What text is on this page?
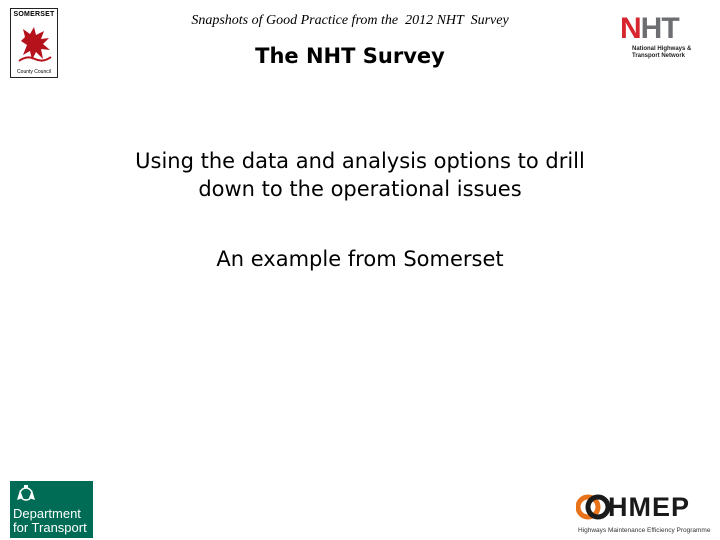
SOMERSET
County Council
Snapshots of Good Practice from the  2012 NHT  Survey
The NHT Survey
NHT
National Highways & Transport Network
Using the data and analysis options to drill
down to the operational issues
An example from Somerset
Department
for Transport
HMEP
Highways Maintenance Efficiency Programme
